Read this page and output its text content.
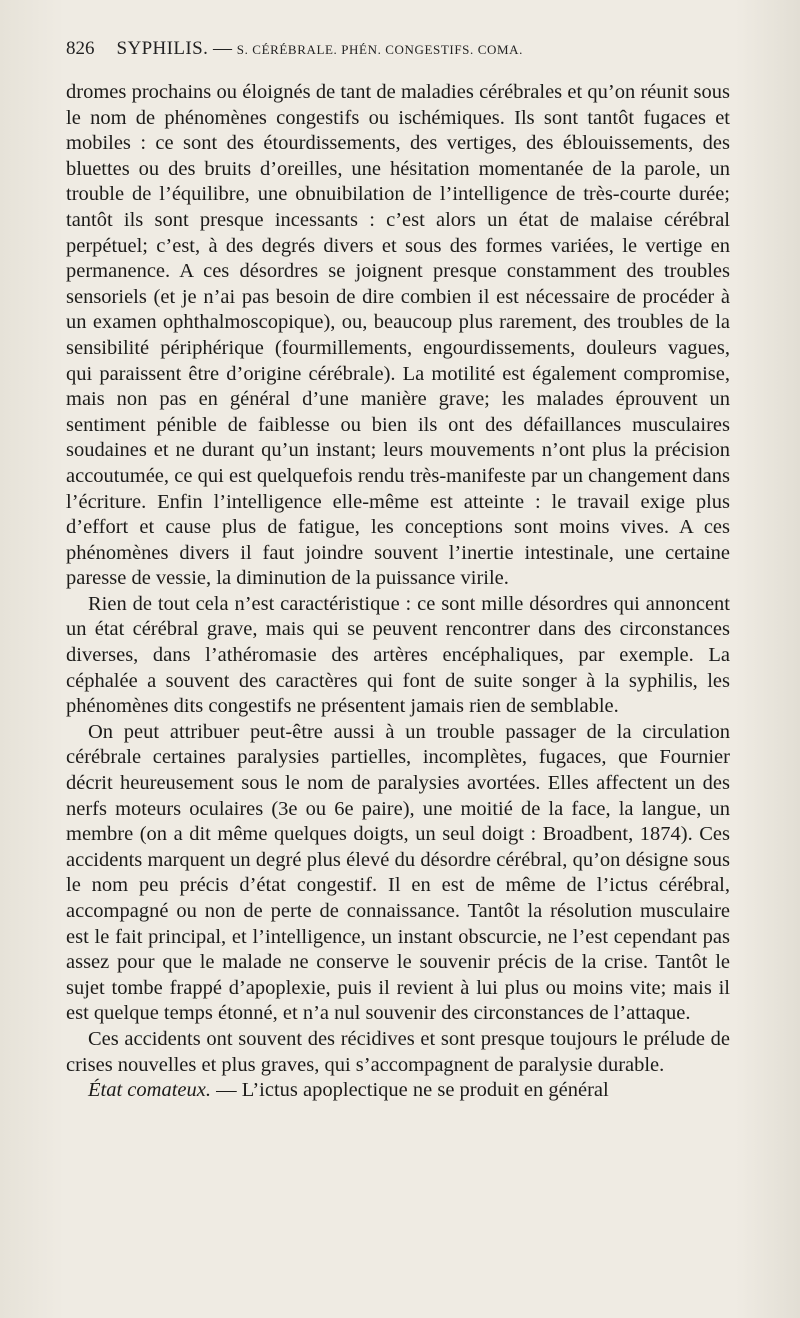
826 SYPHILIS. — S. CÉRÉBRALE. PHÉN. CONGESTIFS. COMA.

dromes prochains ou éloignés de tant de maladies cérébrales et qu’on réunit sous le nom de phénomènes congestifs ou ischémiques. Ils sont tantôt fugaces et mobiles : ce sont des étourdissements, des vertiges, des éblouissements, des bluettes ou des bruits d’oreilles, une hésitation momentanée de la parole, un trouble de l’équilibre, une obnuibilation de l’intelligence de très-courte durée; tantôt ils sont presque incessants : c’est alors un état de malaise cérébral perpétuel; c’est, à des degrés divers et sous des formes variées, le vertige en permanence. A ces désordres se joignent presque constamment des troubles sensoriels (et je n’ai pas besoin de dire combien il est nécessaire de procéder à un examen ophthalmoscopique), ou, beaucoup plus rarement, des troubles de la sensibilité périphérique (fourmillements, engourdissements, douleurs vagues, qui paraissent être d’origine cérébrale). La motilité est également compromise, mais non pas en général d’une manière grave; les malades éprouvent un sentiment pénible de faiblesse ou bien ils ont des défaillances musculaires soudaines et ne durant qu’un instant; leurs mouvements n’ont plus la précision accoutumée, ce qui est quelquefois rendu très-manifeste par un changement dans l’écriture. Enfin l’intelligence elle-même est atteinte : le travail exige plus d’effort et cause plus de fatigue, les conceptions sont moins vives. A ces phénomènes divers il faut joindre souvent l’inertie intestinale, une certaine paresse de vessie, la diminution de la puissance virile.

Rien de tout cela n’est caractéristique : ce sont mille désordres qui annoncent un état cérébral grave, mais qui se peuvent rencontrer dans des circonstances diverses, dans l’athéromasie des artères encéphaliques, par exemple. La céphalée a souvent des caractères qui font de suite songer à la syphilis, les phénomènes dits congestifs ne présentent jamais rien de semblable.

On peut attribuer peut-être aussi à un trouble passager de la circulation cérébrale certaines paralysies partielles, incomplètes, fugaces, que Fournier décrit heureusement sous le nom de paralysies avortées. Elles affectent un des nerfs moteurs oculaires (3e ou 6e paire), une moitié de la face, la langue, un membre (on a dit même quelques doigts, un seul doigt : Broadbent, 1874). Ces accidents marquent un degré plus élevé du désordre cérébral, qu’on désigne sous le nom peu précis d’état congestif. Il en est de même de l’ictus cérébral, accompagné ou non de perte de connaissance. Tantôt la résolution musculaire est le fait principal, et l’intelligence, un instant obscurcie, ne l’est cependant pas assez pour que le malade ne conserve le souvenir précis de la crise. Tantôt le sujet tombe frappé d’apoplexie, puis il revient à lui plus ou moins vite; mais il est quelque temps étonné, et n’a nul souvenir des circonstances de l’attaque.

Ces accidents ont souvent des récidives et sont presque toujours le prélude de crises nouvelles et plus graves, qui s’accompagnent de paralysie durable.

État comateux. — L’ictus apoplectique ne se produit en général
